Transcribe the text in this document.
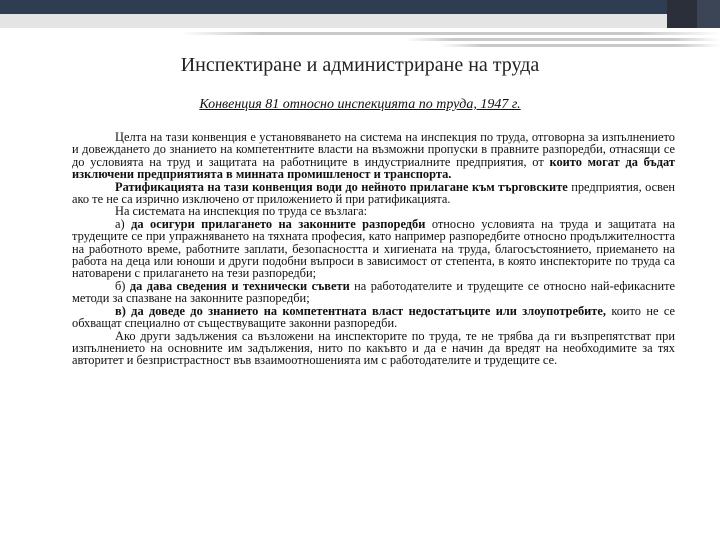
Инспектиране и администриране на труда
Конвенция 81 относно инспекцията по труда, 1947 г.

Целта на тази конвенция е установяването на система на инспекция по труда, отговорна за изпълнението и довеждането до знанието на компетентните власти на възможни пропуски в правните разпоредби, отнасящи се до условията на труд и защитата на работниците в индустриалните предприятия, от които могат да бъдат изключени предприятията в минната промишленост и транспорта.

Ратификацията на тази конвенция води до нейното прилагане към търговските предприятия, освен ако те не са изрично изключено от приложението й при ратификацията.

На системата на инспекция по труда се възлага:

а) да осигури прилагането на законните разпоредби относно условията на труда и защитата на трудещите се при упражняването на тяхната професия, като например разпоредбите относно продължителността на работното време, работните заплати, безопасността и хигиената на труда, благосъстоянието, приемането на работа на деца или юноши и други подобни въпроси в зависимост от степента, в която инспекторите по труда са натоварени с прилагането на тези разпоредби;

б) да дава сведения и технически съвети на работодателите и трудещите се относно най-ефикасните методи за спазване на законните разпоредби;

в) да доведе до знанието на компетентната власт недостатъците или злоупотребите, които не се обхващат специално от съществуващите законни разпоредби.

Ако други задължения са възложени на инспекторите по труда, те не трябва да ги възпрепятстват при изпълнението на основните им задължения, нито по какъвто и да е начин да вредят на необходимите за тях авторитет и безпристрастност във взаимоотношенията им с работодателите и трудещите се.
